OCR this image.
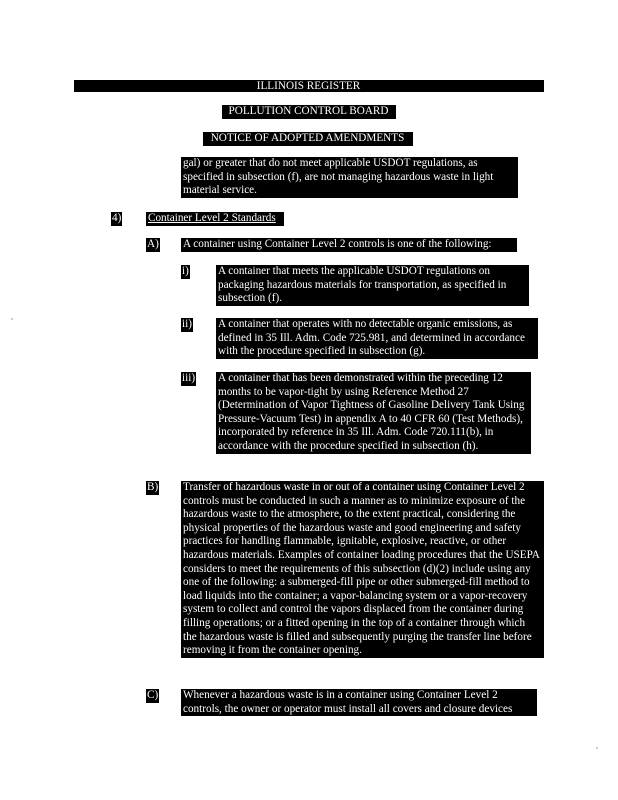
ILLINOIS REGISTER
POLLUTION CONTROL BOARD
NOTICE OF ADOPTED AMENDMENTS
gal) or greater that do not meet applicable USDOT regulations, as specified in subsection (f), are not managing hazardous waste in light material service.
4) Container Level 2 Standards
A) A container using Container Level 2 controls is one of the following:
i)	A container that meets the applicable USDOT regulations on packaging hazardous materials for transportation, as specified in subsection (f).
ii) A container that operates with no detectable organic emissions, as defined in 35 Ill. Adm. Code 725.981, and determined in accordance with the procedure specified in subsection (g).
iii) A container that has been demonstrated within the preceding 12 months to be vapor-tight by using Reference Method 27 (Determination of Vapor Tightness of Gasoline Delivery Tank Using Pressure-Vacuum Test) in appendix A to 40 CFR 60 (Test Methods), incorporated by reference in 35 Ill. Adm. Code 720.111(b), in accordance with the procedure specified in subsection (h).
B) Transfer of hazardous waste in or out of a container using Container Level 2 controls must be conducted in such a manner as to minimize exposure of the hazardous waste to the atmosphere, to the extent practical, considering the physical properties of the hazardous waste and good engineering and safety practices for handling flammable, ignitable, explosive, reactive, or other hazardous materials. Examples of container loading procedures that the USEPA considers to meet the requirements of this subsection (d)(2) include using any one of the following: a submerged-fill pipe or other submerged-fill method to load liquids into the container; a vapor-balancing system or a vapor-recovery system to collect and control the vapors displaced from the container during filling operations; or a fitted opening in the top of a container through which the hazardous waste is filled and subsequently purging the transfer line before removing it from the container opening.
C) Whenever a hazardous waste is in a container using Container Level 2 controls, the owner or operator must install all covers and closure devices
